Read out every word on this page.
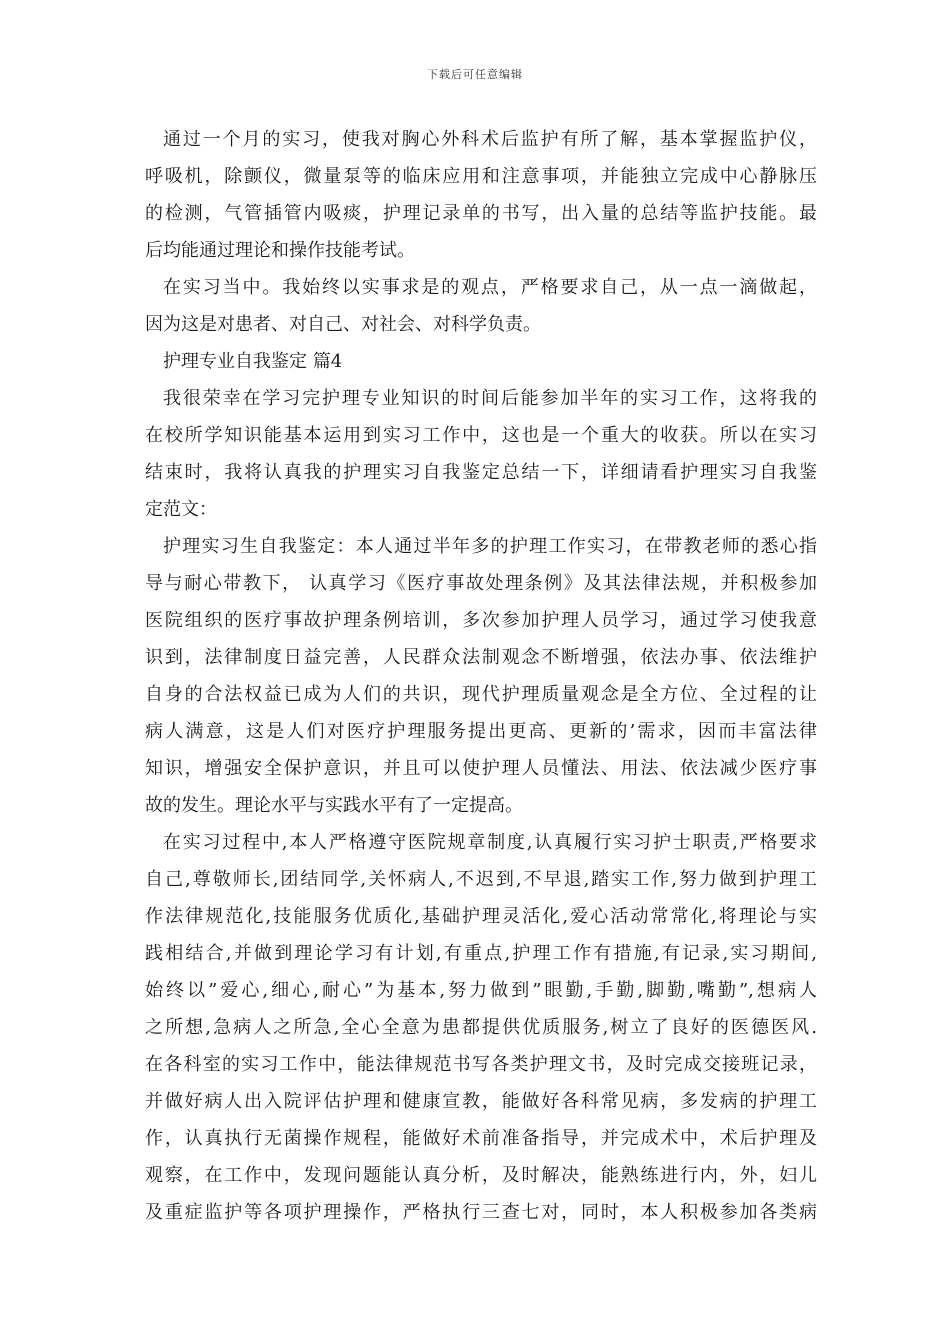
下载后可任意编辑
通过一个月的实习，使我对胸心外科术后监护有所了解，基本掌握监护仪，
呼吸机，除颤仪，微量泵等的临床应用和注意事项，并能独立完成中心静脉压
的检测，气管插管内吸痰，护理记录单的书写，出入量的总结等监护技能。最
后均能通过理论和操作技能考试。
在实习当中。我始终以实事求是的观点，严格要求自己，从一点一滴做起，
因为这是对患者、对自己、对社会、对科学负责。
护理专业自我鉴定 篇4
我很荣幸在学习完护理专业知识的时间后能参加半年的实习工作，这将我的
在校所学知识能基本运用到实习工作中，这也是一个重大的收获。所以在实习
结束时，我将认真我的护理实习自我鉴定总结一下，详细请看护理实习自我鉴
定范文：
护理实习生自我鉴定：本人通过半年多的护理工作实习，在带教老师的悉心指
导与耐心带教下， 认真学习《医疗事故处理条例》及其法律法规，并积极参加
医院组织的医疗事故护理条例培训，多次参加护理人员学习，通过学习使我意
识到，法律制度日益完善，人民群众法制观念不断增强，依法办事、依法维护
自身的合法权益已成为人们的共识，现代护理质量观念是全方位、全过程的让
病人满意，这是人们对医疗护理服务提出更高、更新的’需求，因而丰富法律
知识，增强安全保护意识，并且可以使护理人员懂法、用法、依法减少医疗事
故的发生。理论水平与实践水平有了一定提高。
在实习过程中,本人严格遵守医院规章制度,认真履行实习护士职责,严格要求
自己,尊敬师长,团结同学,关怀病人,不迟到,不早退,踏实工作,努力做到护理工
作法律规范化,技能服务优质化,基础护理灵活化,爱心活动常常化,将理论与实
践相结合,并做到理论学习有计划,有重点,护理工作有措施,有记录,实习期间,
始终以”爱心,细心,耐心”为基本,努力做到”眼勤,手勤,脚勤,嘴勤”,想病人
之所想,急病人之所急,全心全意为患都提供优质服务,树立了良好的医德医风.
在各科室的实习工作中，能法律规范书写各类护理文书，及时完成交接班记录，
并做好病人出入院评估护理和健康宣教，能做好各科常见病，多发病的护理工
作，认真执行无菌操作规程，能做好术前准备指导，并完成术中，术后护理及
观察，在工作中，发现问题能认真分析，及时解决，能熟练进行内，外，妇儿
及重症监护等各项护理操作，严格执行三查七对，同时，本人积极参加各类病
